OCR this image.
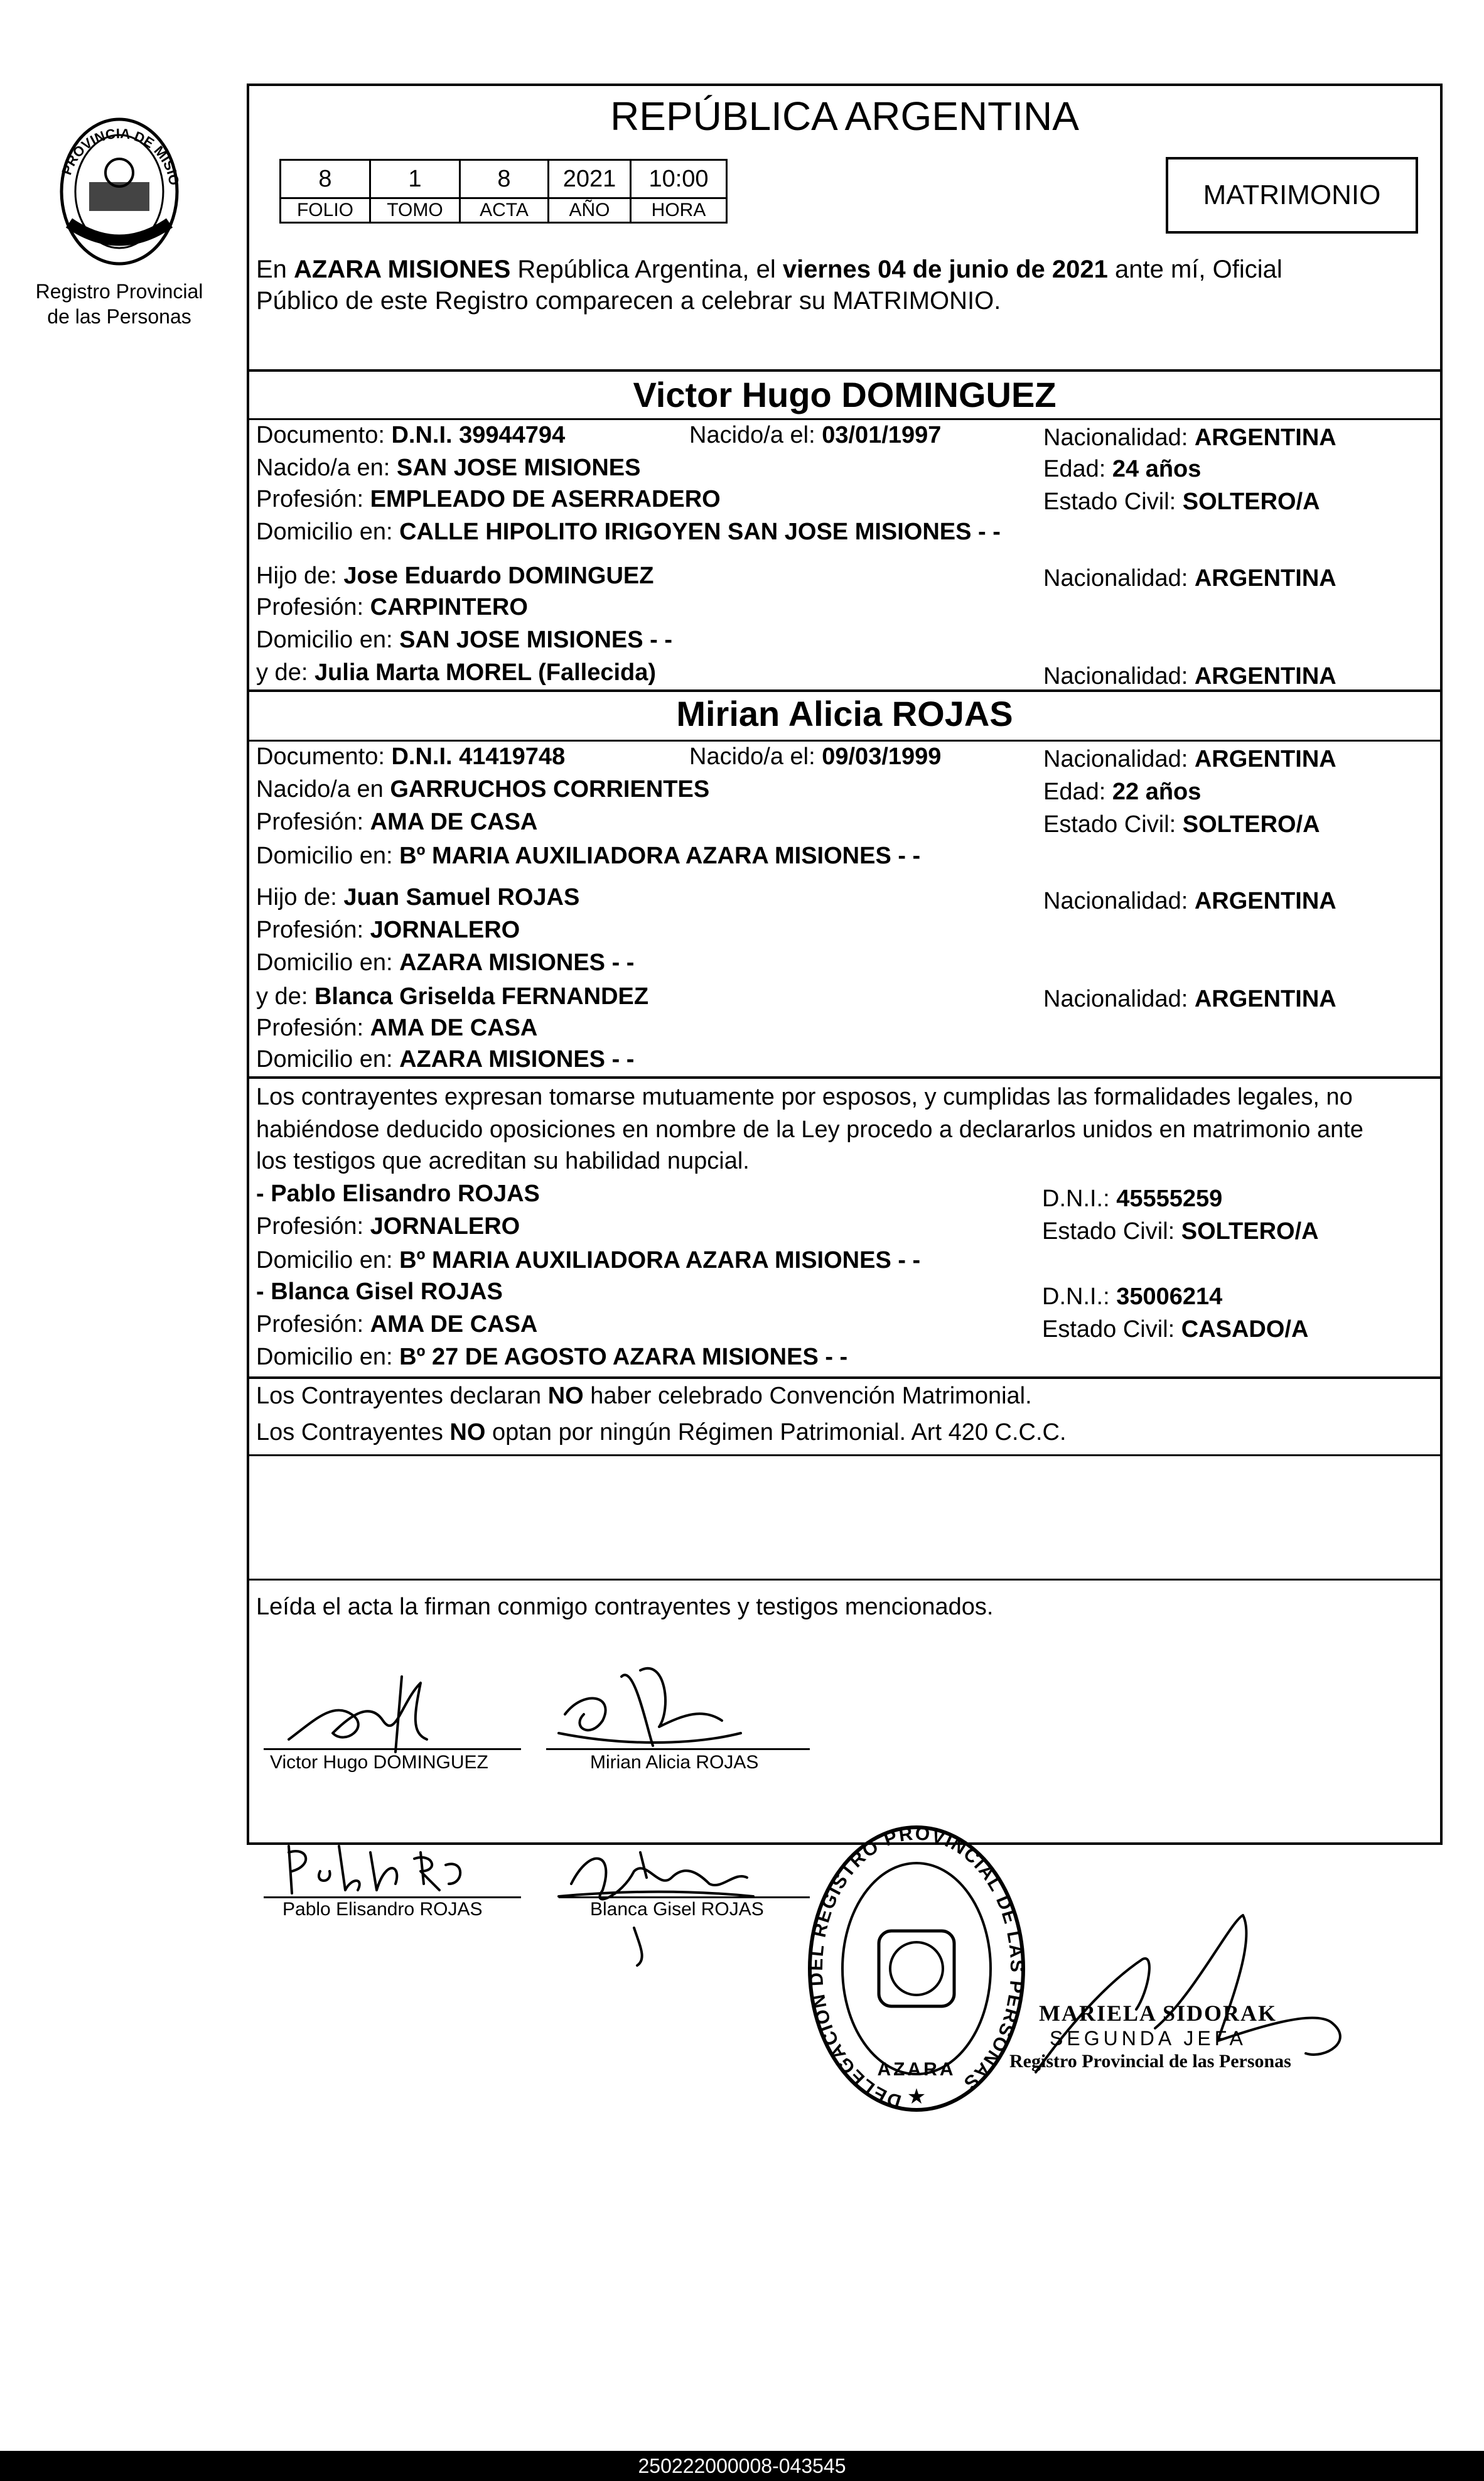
PROVINCIA DE MISIO
Registro Provincial
de las Personas
REPÚBLICA ARGENTINA
8	1	8	2021	10:00
FOLIO	TOMO	ACTA	AÑO	HORA	MATRIMONIO
En AZARA MISIONES República Argentina, el viernes 04 de junio de 2021 ante mí, Oficial
Público de este Registro comparecen a celebrar su MATRIMONIO.
Victor Hugo DOMINGUEZ
Documento: D.N.I. 39944794	Nacido/a el: 03/01/1997	Nacionalidad: ARGENTINA
Nacido/a en: SAN JOSE MISIONES	Edad: 24 años
Profesión: EMPLEADO DE ASERRADERO	Estado Civil: SOLTERO/A
Domicilio en: CALLE HIPOLITO IRIGOYEN SAN JOSE MISIONES - -
Hijo de: Jose Eduardo DOMINGUEZ	Nacionalidad: ARGENTINA
Profesión: CARPINTERO
Domicilio en: SAN JOSE MISIONES - -
y de: Julia Marta MOREL (Fallecida)	Nacionalidad: ARGENTINA
Mirian Alicia ROJAS
Documento: D.N.I. 41419748	Nacido/a el: 09/03/1999	Nacionalidad: ARGENTINA
Nacido/a en GARRUCHOS CORRIENTES	Edad: 22 años
Profesión: AMA DE CASA	Estado Civil: SOLTERO/A
Domicilio en: Bº MARIA AUXILIADORA AZARA MISIONES - -
Hijo de: Juan Samuel ROJAS	Nacionalidad: ARGENTINA
Profesión: JORNALERO
Domicilio en: AZARA MISIONES - -
y de: Blanca Griselda FERNANDEZ	Nacionalidad: ARGENTINA
Profesión: AMA DE CASA
Domicilio en: AZARA MISIONES - -
Los contrayentes expresan tomarse mutuamente por esposos, y cumplidas las formalidades legales, no
habiéndose deducido oposiciones en nombre de la Ley procedo a declararlos unidos en matrimonio ante
los testigos que acreditan su habilidad nupcial.
- Pablo Elisandro ROJAS	D.N.I.: 45555259
Profesión: JORNALERO	Estado Civil: SOLTERO/A
Domicilio en: Bº MARIA AUXILIADORA AZARA MISIONES - -
- Blanca Gisel ROJAS	D.N.I.: 35006214
Profesión: AMA DE CASA	Estado Civil: CASADO/A
Domicilio en: Bº 27 DE AGOSTO AZARA MISIONES - -
Los Contrayentes declaran NO haber celebrado Convención Matrimonial.
Los Contrayentes NO optan por ningún Régimen Patrimonial. Art 420 C.C.C.
Leída el acta la firman conmigo contrayentes y testigos mencionados.
Victor Hugo DOMINGUEZ	Mirian Alicia ROJAS
Pablo Elisandro ROJAS	Blanca Gisel ROJAS
DELEGACION DEL REGISTRO PROVINCIAL DE LAS PERSONAS
AZARA
★
MARIELA SIDORAK
SEGUNDA JEFA
Registro Provincial de las Personas
250222000008-043545
